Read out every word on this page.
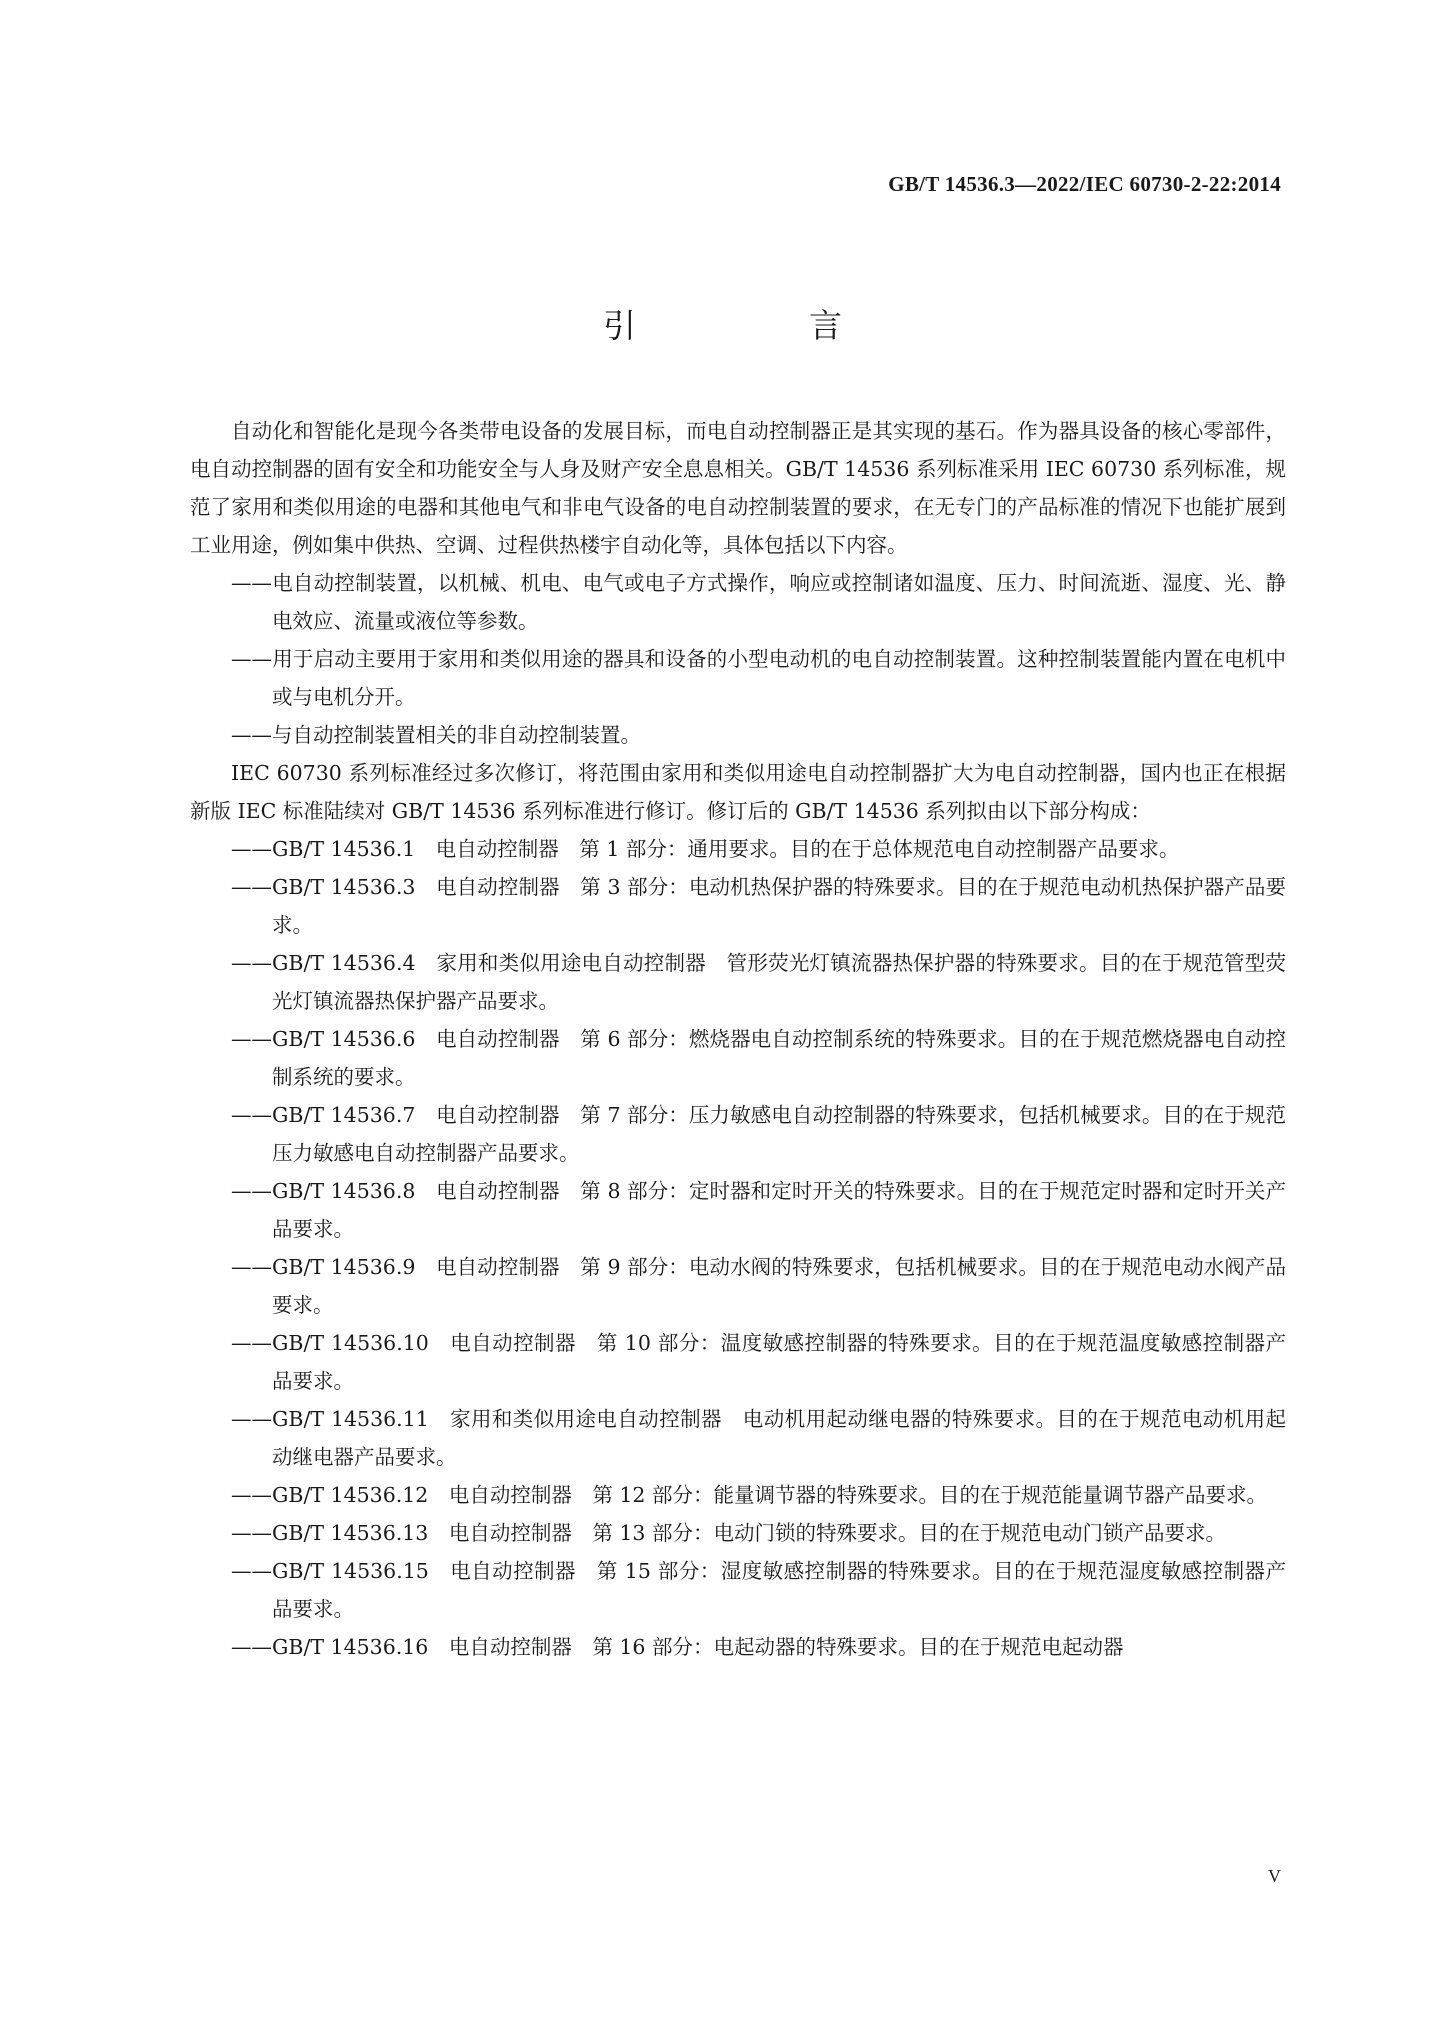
GB/T 14536.3—2022/IEC 60730-2-22:2014
引　言

自动化和智能化是现今各类带电设备的发展目标，而电自动控制器正是其实现的基石。作为器具设备的核心零部件，电自动控制器的固有安全和功能安全与人身及财产安全息息相关。GB/T 14536 系列标准采用 IEC 60730 系列标准，规范了家用和类似用途的电器和其他电气和非电气设备的电自动控制装置的要求，在无专门的产品标准的情况下也能扩展到工业用途，例如集中供热、空调、过程供热楼宇自动化等，具体包括以下内容。

——电自动控制装置，以机械、机电、电气或电子方式操作，响应或控制诸如温度、压力、时间流逝、湿度、光、静电效应、流量或液位等参数。

——用于启动主要用于家用和类似用途的器具和设备的小型电动机的电自动控制装置。这种控制装置能内置在电机中或与电机分开。

——与自动控制装置相关的非自动控制装置。

IEC 60730 系列标准经过多次修订，将范围由家用和类似用途电自动控制器扩大为电自动控制器，国内也正在根据新版 IEC 标准陆续对 GB/T 14536 系列标准进行修订。修订后的 GB/T 14536 系列拟由以下部分构成：

——GB/T 14536.1　电自动控制器　第 1 部分：通用要求。目的在于总体规范电自动控制器产品要求。

——GB/T 14536.3　电自动控制器　第 3 部分：电动机热保护器的特殊要求。目的在于规范电动机热保护器产品要求。

——GB/T 14536.4　家用和类似用途电自动控制器　管形荧光灯镇流器热保护器的特殊要求。目的在于规范管型荧光灯镇流器热保护器产品要求。

——GB/T 14536.6　电自动控制器　第 6 部分：燃烧器电自动控制系统的特殊要求。目的在于规范燃烧器电自动控制系统的要求。

——GB/T 14536.7　电自动控制器　第 7 部分：压力敏感电自动控制器的特殊要求，包括机械要求。目的在于规范压力敏感电自动控制器产品要求。

——GB/T 14536.8　电自动控制器　第 8 部分：定时器和定时开关的特殊要求。目的在于规范定时器和定时开关产品要求。

——GB/T 14536.9　电自动控制器　第 9 部分：电动水阀的特殊要求，包括机械要求。目的在于规范电动水阀产品要求。

——GB/T 14536.10　电自动控制器　第 10 部分：温度敏感控制器的特殊要求。目的在于规范温度敏感控制器产品要求。

——GB/T 14536.11　家用和类似用途电自动控制器　电动机用起动继电器的特殊要求。目的在于规范电动机用起动继电器产品要求。

——GB/T 14536.12　电自动控制器　第 12 部分：能量调节器的特殊要求。目的在于规范能量调节器产品要求。

——GB/T 14536.13　电自动控制器　第 13 部分：电动门锁的特殊要求。目的在于规范电动门锁产品要求。

——GB/T 14536.15　电自动控制器　第 15 部分：湿度敏感控制器的特殊要求。目的在于规范湿度敏感控制器产品要求。

——GB/T 14536.16　电自动控制器　第 16 部分：电起动器的特殊要求。目的在于规范电起动器

V
